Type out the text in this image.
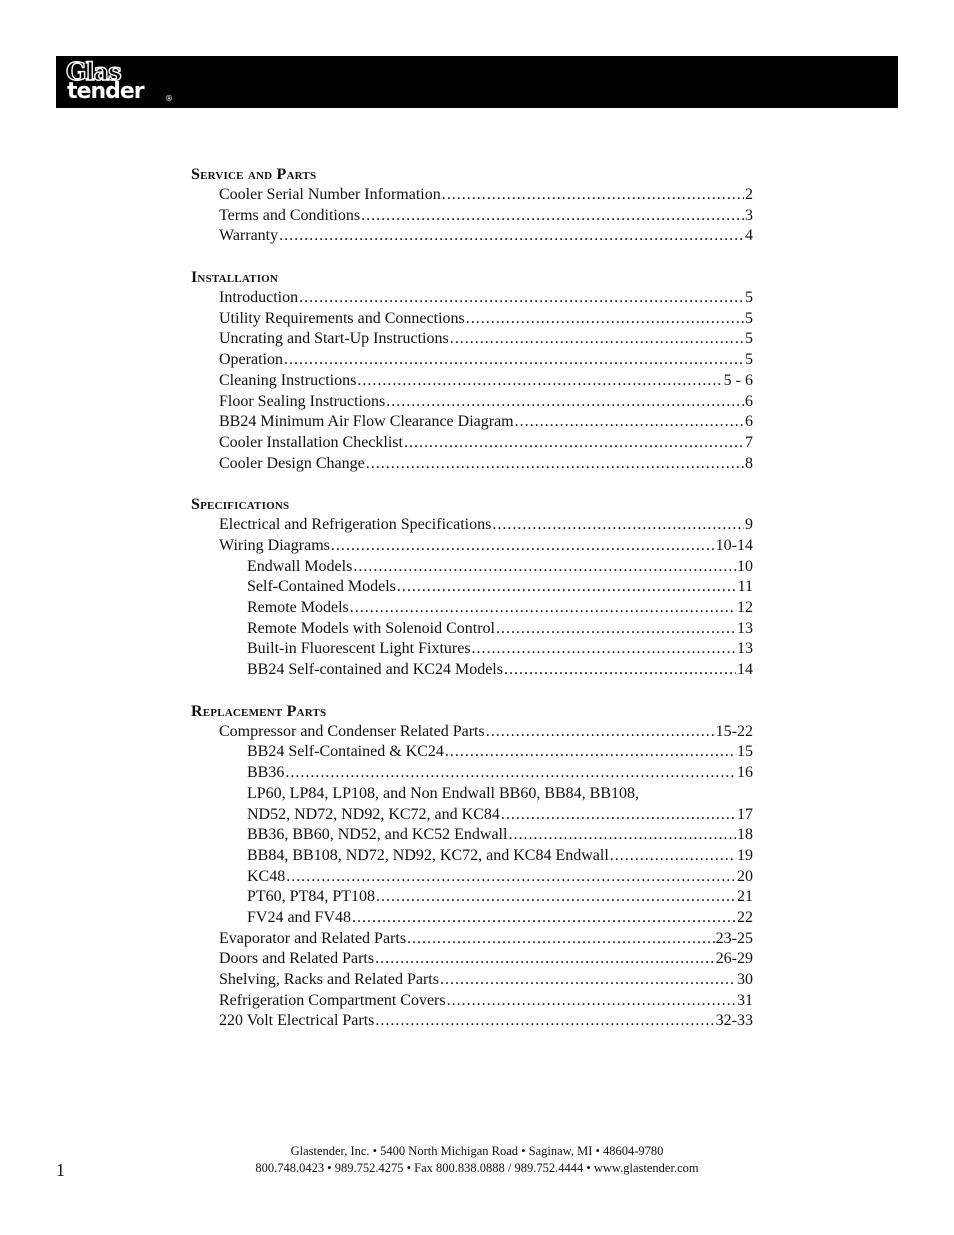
Glas
tender	®
Service and Parts
Cooler Serial Number Information .....	2
Terms and Conditions .....	3
Warranty .....	4
Installation
Introduction .....	5
Utility Requirements and Connections .....	5
Uncrating and Start-Up Instructions .....	5
Operation .....	5
Cleaning Instructions .....	5 - 6
Floor Sealing Instructions .....	6
BB24 Minimum Air Flow Clearance Diagram .....	6
Cooler Installation Checklist .....	7
Cooler Design Change .....	8
Specifications
Electrical and Refrigeration Specifications .....	9
Wiring Diagrams .....	10-14
Endwall Models .....	10
Self-Contained Models .....	11
Remote Models .....	12
Remote Models with Solenoid Control .....	13
Built-in Fluorescent Light Fixtures .....	13
BB24 Self-contained and KC24 Models .....	14
Replacement Parts
Compressor and Condenser Related Parts .....	15-22
BB24 Self-Contained & KC24 .....	15
BB36 .....	16
LP60, LP84, LP108, and Non Endwall BB60, BB84, BB108,
ND52, ND72, ND92, KC72, and KC84 .....	17
BB36, BB60, ND52, and KC52 Endwall .....	18
BB84, BB108, ND72, ND92, KC72, and KC84 Endwall .....	19
KC48 .....	20
PT60, PT84, PT108 .....	21
FV24 and FV48 .....	22
Evaporator and Related Parts .....	23-25
Doors and Related Parts .....	26-29
Shelving, Racks and Related Parts .....	30
Refrigeration Compartment Covers .....	31
220 Volt Electrical Parts .....	32-33
Glastender, Inc. • 5400 North Michigan Road • Saginaw, MI • 48604-9780
800.748.0423 • 989.752.4275 • Fax 800.838.0888 / 989.752.4444 • www.glastender.com
1
